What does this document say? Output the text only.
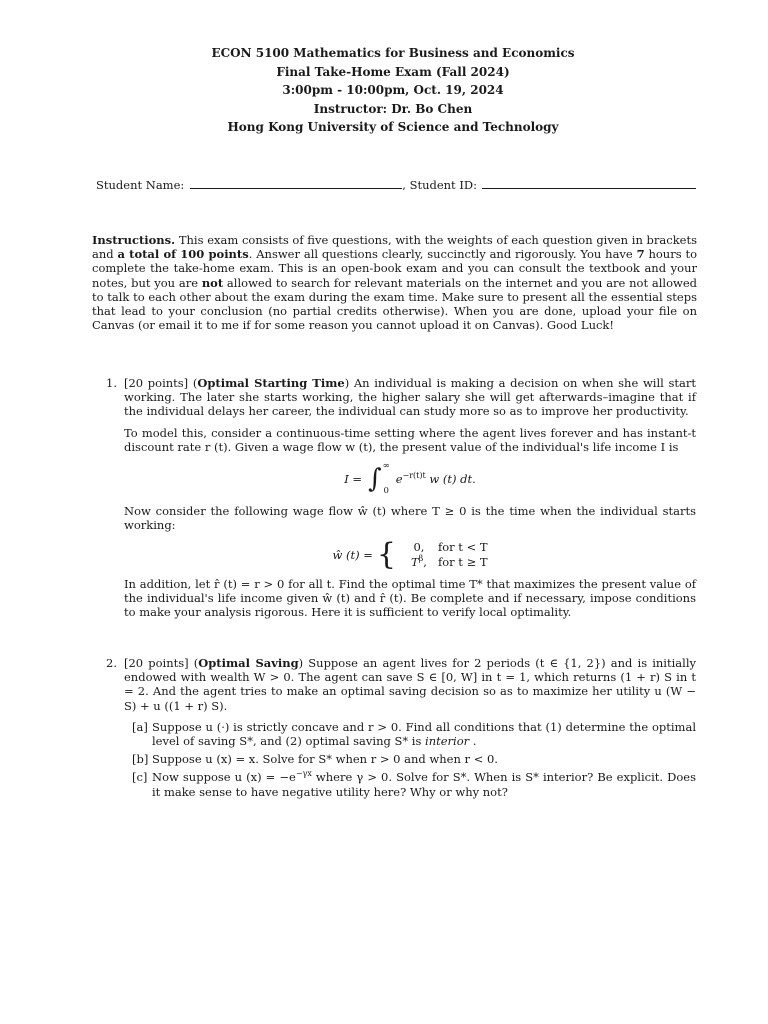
ECON 5100 Mathematics for Business and Economics
Final Take-Home Exam (Fall 2024)
3:00pm - 10:00pm, Oct. 19, 2024
Instructor: Dr. Bo Chen
Hong Kong University of Science and Technology
Student Name:	, Student ID:
Instructions. This exam consists of five questions, with the weights of each question given in brackets and a total of 100 points. Answer all questions clearly, succinctly and rigorously. You have 7 hours to complete the take-home exam. This is an open-book exam and you can consult the textbook and your notes, but you are not allowed to search for relevant materials on the internet and you are not allowed to talk to each other about the exam during the exam time. Make sure to present all the essential steps that lead to your conclusion (no partial credits otherwise). When you are done, upload your file on Canvas (or email it to me if for some reason you cannot upload it on Canvas). Good Luck!
1. [20 points] (Optimal Starting Time) An individual is making a decision on when she will start working. The later she starts working, the higher salary she will get afterwards–imagine that if the individual delays her career, the individual can study more so as to improve her productivity.

To model this, consider a continuous-time setting where the agent lives forever and has instant-t discount rate r (t). Given a wage flow w (t), the present value of the individual's life income I is

I = ∫ ∞
0
$e^{-r(t)t}$ w (t) dt.

Now consider the following wage flow ŵ (t) where T ≥ 0 is the time when the individual starts working:

ŵ (t) = {	0,	for t < T
$T^\beta$, for t ≥ T

In addition, let r̂ (t) = r > 0 for all t. Find the optimal time T* that maximizes the present value of the individual's life income given ŵ (t) and r̂ (t). Be complete and if necessary, impose conditions to make your analysis rigorous. Here it is sufficient to verify local optimality.

2. [20 points] (Optimal Saving) Suppose an agent lives for 2 periods (t ∈ {1, 2}) and is initially endowed with wealth W > 0. The agent can save S ∈ [0, W] in t = 1, which returns (1 + r) S in t = 2. And the agent tries to make an optimal saving decision so as to maximize her utility u (W − S) + u ((1 + r) S).

[a] Suppose u (·) is strictly concave and r > 0. Find all conditions that (1) determine the optimal level of saving S*, and (2) optimal saving S* is interior .
[b] Suppose u (x) = x. Solve for S* when r > 0 and when r < 0.
[c] Now suppose u $(x) = -e^{-\gamma x}$ where γ > 0. Solve for S*. When is S* interior? Be explicit. Does it make sense to have negative utility here? Why or why not?
